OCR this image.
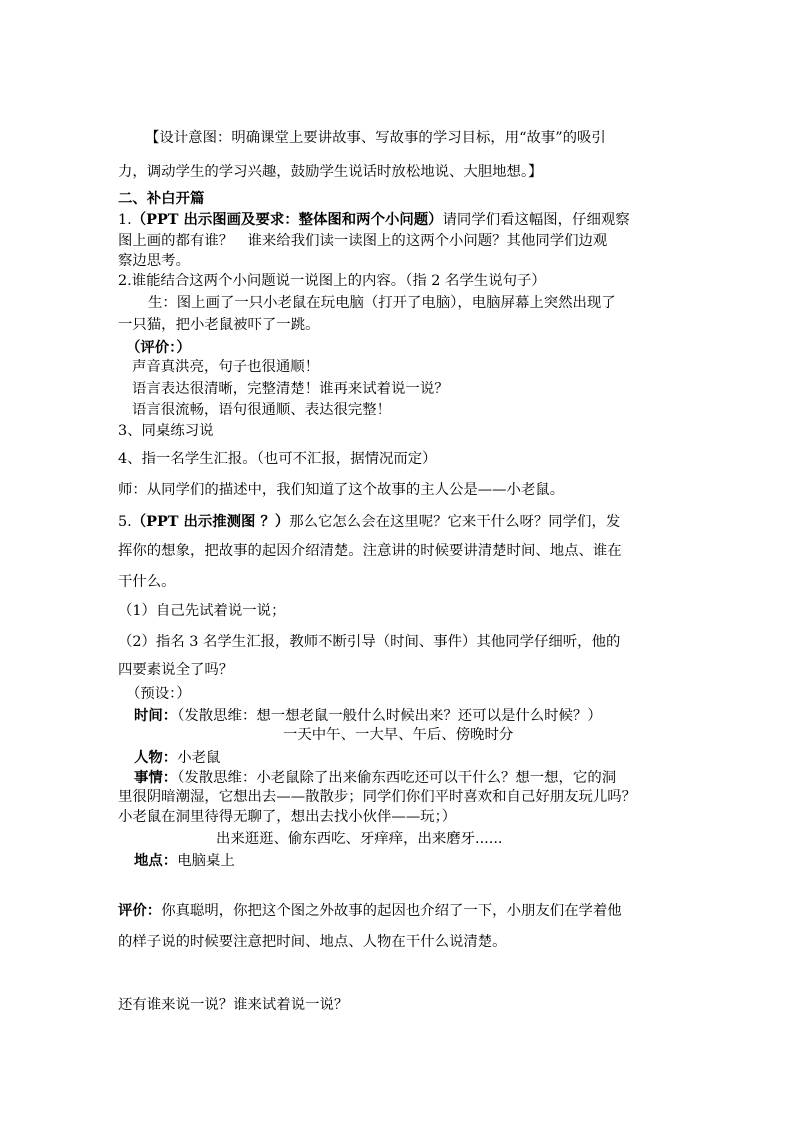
【设计意图：明确课堂上要讲故事、写故事的学习目标，用“故事”的吸引
力，调动学生的学习兴趣，鼓励学生说话时放松地说、大胆地想。】
二、补白开篇
1.（PPT 出示图画及要求：整体图和两个小问题）请同学们看这幅图，仔细观察
图上画的都有谁？　谁来给我们读一读图上的这两个小问题？其他同学们边观
察边思考。
2.谁能结合这两个小问题说一说图上的内容。（指 2 名学生说句子）
生：图上画了一只小老鼠在玩电脑（打开了电脑），电脑屏幕上突然出现了
一只猫，把小老鼠被吓了一跳。
（评价：）
声音真洪亮，句子也很通顺！
语言表达很清晰，完整清楚！谁再来试着说一说？
语言很流畅，语句很通顺、表达很完整！
3、同桌练习说
4、指一名学生汇报。（也可不汇报，据情况而定）
师：从同学们的描述中，我们知道了这个故事的主人公是——小老鼠。
5.（PPT 出示推测图 ？）那么它怎么会在这里呢？它来干什么呀？同学们，发
挥你的想象，把故事的起因介绍清楚。注意讲的时候要讲清楚时间、地点、谁在
干什么。
（1）自己先试着说一说；
（2）指名 3 名学生汇报，教师不断引导（时间、事件）其他同学仔细听，他的
四要素说全了吗？
（预设：）
时间：（发散思维：想一想老鼠一般什么时候出来？还可以是什么时候？）
一天中午、一大早、午后、傍晚时分
人物：小老鼠
事情：（发散思维：小老鼠除了出来偷东西吃还可以干什么？想一想，它的洞
里很阴暗潮湿，它想出去——散散步；同学们你们平时喜欢和自己好朋友玩儿吗？
小老鼠在洞里待得无聊了，想出去找小伙伴——玩；）
出来逛逛、偷东西吃、牙痒痒，出来磨牙......
地点：电脑桌上
评价：你真聪明，你把这个图之外故事的起因也介绍了一下，小朋友们在学着他
的样子说的时候要注意把时间、地点、人物在干什么说清楚。
还有谁来说一说？谁来试着说一说？
